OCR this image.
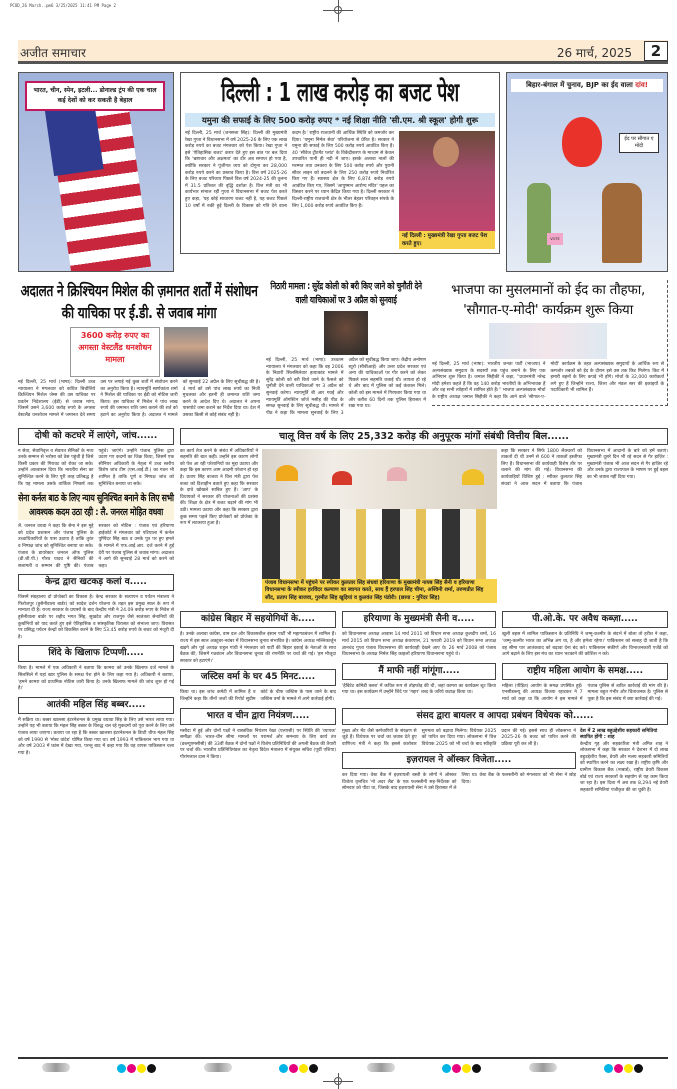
PCOD_26 March..pm6 3/25/2025 11:41 PM Page 2
अजीत समाचार	26 मार्च, 2025	2
भारत, चीन, स्पेन, इटली... डोनाल्ड ट्रंप की एक चाल कई देशों को कर सकती है बेहाल	दिल्ली : 1 लाख करोड़ का बजट पेश
यमुना की सफाई के लिए 500 करोड़ रुपए * नई शिक्षा नीति 'सी.एम. श्री स्कूल' होगी शुरू
नई दिल्ली, 25 मार्च (जनसत्ता सिंह): दिल्ली की मुख्यमंत्री रेखा गुप्ता ने विधानसभा में वर्ष 2025-26 के लिए एक लाख करोड़ रुपये का बजट मंगलवार को पेश किया। रेखा गुप्ता ने इसे 'ऐतिहासिक बजट' करार देते हुए इस बात पर बल दिया कि 'भ्रष्टाचार और अक्षमता' का दौर अब समाप्त हो गया है, क्योंकि सरकार ने पूंजीगत व्यय को दोगुना कर 28,000 करोड़ रुपये करने का प्रस्ताव किया है। वित्त वर्ष 2025-26 के लिए बजट परिव्यय पिछले वित्त वर्ष 2024-25 की तुलना में 31.5 प्रतिशत की वृद्धि दर्शाता है। वित्त मंत्री का भी कार्यभार संभाल रहीं गुप्ता ने विधानसभा में बजट पेश करते हुए कहा, 'यह कोई साधारण बजट नहीं है, यह बजट पिछले 10 वर्षों में रुकी हुई दिल्ली के विकास को गति देने वाला कदम है।' राष्ट्रीय राजधानी की आर्थिक स्थिति को कमजोर कर दिया। 'यमुना निर्मल सेवा' परियोजना से प्रेरित है। सरकार ने यमुना की सफाई के लिए 500 करोड़ रुपये आवंटित किए हैं। 40 'सीवेज ट्रीटमेंट प्लांट' के विकेंद्रीकरण के माध्यम से केवल उपचारित पानी ही नदी में जाए। इसके अलावा नालों की मरम्मत तथा उनकाय के लिए 500 करोड़ रुपये और पुरानी सीवर लाइन को बदलने के लिए 250 करोड़ रुपये निर्धारित किए गए हैं। स्वास्थ्य क्षेत्र के लिए 6,874 करोड़ रुपये आवंटित किए गए, जिसमें 'आयुष्मान आरोग्य मंदिर' पहल का विस्तार करने पर ध्यान केंद्रित किया गया है। दिल्ली सरकार ने दिल्ली-राष्ट्रीय राजधानी क्षेत्र के भीतर बेहतर परिवहन संपर्क के लिए 1,000 करोड़ रुपये आवंटित किए हैं।
नई दिल्ली : मुख्यमंत्री रेखा गुप्ता बजट पेश करते हुए।
बिहार-बंगाल में चुनाव, BJP का ईद वाला दांव!
ईद पर सौगात ए मोदी
VOTE
अदालत ने क्रिश्चियन मिशेल की ज़मानत शर्तों में संशोधन की याचिका पर ई.डी. से जवाब मांगा
3600 करोड़ रुपए का अगस्ता वेस्टलैंड धनशोधन मामला
नई दिल्ली, 25 मार्च (भाषा): दिल्ली उच्च न्यायालय ने मंगलवार को कथित बिचौलिये क्रिश्चियन मिशेल जेम्स की उस याचिका पर प्रवर्तन निदेशालय (ईडी) से जवाब मांगा, जिसमें उसने 3,600 करोड़ रुपये के अगस्ता वेस्टलैंड धनशोधन मामले में जमानत देते समय उस पर लगाई गई कुछ शर्तों में संशोधन करने का अनुरोध किया है। न्यायमूर्ति स्वर्णकांता शर्मा ने मिशेल की याचिका पर ईडी को नोटिस जारी किया। इस याचिका में मिशेल ने पांच लाख रुपये की जमानत राशि जमा कराने की शर्त को हटाने का अनुरोध किया है। अदालत ने मामले को सुनवाई 22 अप्रैल के लिए सूचीबद्ध की है। 4 मार्च को उसे पांच लाख रुपये का निजी मुचलका और इतनी ही जमानत राशि जमा करने के आदेश दिए थे। अदालत ने अपना पासपोर्ट जमा कराने का निर्देश दिया था। देश में उसका किसी से कोई संबंध नहीं है।
निठारी मामला : सुरेंद्र कोली को बरी किए जाने को चुनौती देने वाली याचिकाओं पर 3 अप्रैल को सुनवाई
नई दिल्ली, 25 मार्च (भाषा): उच्चतम न्यायालय ने मंगलवार को कहा कि वह 2006 के निठारी सिलसिलेवार हत्याकांड मामले में सुरेंद्र कोली को बरी किये जाने के फैसले को चुनौती देने वाली याचिकाओं पर 3 अप्रैल को सुनवाई करेगा। न्यायमूर्ति बी आर गवई और न्यायमूर्ति ऑगस्टिन जॉर्ज मसीह की पीठ के समक्ष सुनवाई के लिए सूचीबद्ध थी। मामले में पीठ ने कहा कि मामला सुनवाई के लिए 3 अप्रैल को सूचीबद्ध किया जाए। केंद्रीय अन्वेषण ब्यूरो (सीबीआई) और उत्तर प्रदेश सरकार एवं अन्य की याचिकाओं पर गौर करने को लेकर पिछले साल सहमति जताई थी। लापता हो रहे थे और बाद में पुलिस को कई कंकाल मिले। कोली को इस मामले में गिरफ्तार किया गया था और करीब 60 दिनों तक पुलिस हिरासत में रखा गया था।
भाजपा का मुसलमानों को ईद का तौहफा, 'सौगात-ए-मोदी' कार्यक्रम शुरू किया
नई दिल्ली, 25 मार्च (भाषा): भारतीय जनता पार्टी (भाजपा) ने अल्पसंख्यक समुदाय के सदस्यों तक पहुंच बनाने के लिए एक अभियान शुरू किया है। जमाल सिद्दीकी ने कहा, ''प्रधानमंत्री नरेन्द्र मोदी हमेशा कहते हैं कि वह 140 करोड़ भारतीयों के अभिभावक हैं और वह सभी त्योहारों में शामिल होते हैं।'' भाजपा अल्पसंख्यक मोर्चा के राष्ट्रीय अध्यक्ष जमाल सिद्दीकी ने कहा कि आने वाले 'सौगात-ए-मोदी' कार्यक्रम के तहत अल्पसंख्यक समुदायों के आर्थिक रूप से कमजोर तबकों को ईद के दौरान इसे उस तक किट मिलेगा। किट में हमारी बहनों के लिए कपड़े भी होंगे। मोर्चा के 32,000 कार्यकर्ता लगे हुए हैं जिन्होंने राज्य, जिला और मंडल स्तर की इकाइयों के पदाधिकारी भी शामिल हैं।
दोषी को कटघरे में लाएंगे, जांच......
न सेवा, सेवानिवृत्त व सेवारत सैनिकों के मध्य उनके सम्मान से भरोसा को ठेस पहुंची है जिसे किसी प्रकार की गिरावट को रोका जा सके। उन्होंने आश्वासन दिया कि भारतीय सेना का सुनिश्चित करने के लिए पूरी तरह प्रतिबद्ध है कि यह मामला उसके तार्किक निष्कर्ष तक पहुंचे। जाएंगे। उन्होंने पंजाब पुलिस द्वारा उठाए गए कदमों का जिक्र किया, जिसमें एक सीनियर अधिकारी के नेतृत्व में उच्च स्तरीय विशेष जांच टीम (एस.आई.टी.) का गठन भी शामिल है ताकि पूर्ण व निष्पक्ष जांच को सुनिश्चित बनाया जा सके।
सेना कर्नल बाठ के लिए न्याय सुनिश्चित बनाने के लिए सभी आवश्यक कदम उठा रही : लै. जनरल मोहित वधवा
लै. जनरल वधवा ने कहा कि सेना ने इस मुद्दे को प्रदेश प्रशासन और पंजाब पुलिस के उच्चाधिकारियों के पास उठाया है ताकि तुरंत व निष्पक्ष जांच को सुनिश्चित बनाया जा सके। पंजाब के डायरेक्टर जनरल ऑफ पुलिस (डी.जी.पी.) गौरव यादव ने सैनिकों की सलामती व सम्मान की पुष्टि की। पंजाब सरकार को नोटिस : पंजाब एवं हरियाणा हाईकोर्ट ने मंगलवार को पटियाला में कर्नल पुष्पिंदर सिंह बाठ व उनके पुत्र पर हुए हमले के मामले में एफ.आई.आर. दर्ज करने में हुई देरी पर पंजाब पुलिस से जवाब मांगा। अदालत ने आगे की सुनवाई 28 मार्च को करने को कहा।
केन्द्र द्वारा खटकड़ कलां व.....
जिसमें संग्रहालय दो प्रोजेक्टों का विकास है। केन्द्र सरकार के सत्यापन व पर्यटन मंत्रालय ने फिरोजपुर (हुसैनीवाला बार्डर) को स्वदेश दर्शन योजना के तहत इस प्रमुख स्थल के रूप में मान्यता दी है। राज्य सरकार के प्रयासों के बाद केन्द्रीय मंत्री ने 24.09 करोड़ रुपए के निवेश से हुसैनीवाला बार्डर पर शहीद भगत सिंह, सुखदेव और राजगुरु जैसे स्वतंत्रता सेनानियों की कुर्बानियों को याद करते हुए इसे ऐतिहासिक व सांस्कृतिक विरासत को संभाला जाए। विरासत पर प्रसिद्ध पर्यटन केन्द्रों को विकसित करने के लिए 53.45 करोड़ रुपये के बजट को मंजूरी दी है।
शिंदे के खिलाफ टिप्पणी.....
किया है। मामले में एक अधिकारी ने बताया कि कामरा को उनके खिलाफ दर्ज मामले के सिलसिले में यहां खार पुलिस के समक्ष पेश होने के लिए कहा गया है। अधिकारी ने बताया, 'हमने कामरा को प्राथमिक नोटिस जारी किया है। उनके खिलाफ मामले की जांच शुरू हो गई है।'
आतंकी महिल सिंह बब्बर.....
मैं सक्रिय था। बब्बर खालसा इंटरनेशनल के प्रमुख वधावा सिंह के लिए उसे भारत लाया गया। उन्होंने यह भी बताया कि मंहल सिंह बब्बर के विरुद्ध चल रहे मुकदमों को पूरा करने के लिए उसे पंजाब लाया जाएगा। बताया जा रहा है कि बब्बर खालसा इंटरनेशनल के डिप्टी चीफ मंहल सिंह को वर्ष 1990 से 'मोस्ट वांटेड' घोषित किया गया था। वर्ष 1993 में पाकिस्तान भाग गया था और वर्ष 2003 में फ्रांस में देखा गया, परन्तु बाद में कहा गया कि वह वापस पाकिस्तान चला गया है।
चालू वित्त वर्ष के लिए 25,332 करोड़ की अनुपूरक मांगों संबंधी वित्तीय बिल......
का कार्य तेज करने के संबंध में अधिकारियों ने सहमति की बात कही। उन्होंने इस कारण लोगों को पेश आ रही परेशानियों का मुद्दा उठाया और कहा कि इस कारण आम आदमी परेशान हो रहा है। प्रताप सिंह बाजवा ने वित्त मंत्री द्वारा पेश बजट को दिशाहीन बताते हुए कहा कि सरकार के दावे खोखले साबित हुए हैं। 'आप' के विधायकों ने सरकार की योजनाओं की प्रशंसा की। शिक्षा के क्षेत्र में बजट बढ़ाने की मांग भी उठी। मामला उठाया और कहा कि सरकार द्वारा कुछ समय पहले किए प्रोजेक्टों को प्रोजेक्ट के रूप में लटकाया हुआ है।
पंजाब विधानसभा में पहुंचने पर स्पीकर कुलतार सिंह संधवां हरियाणा के मुख्यमंत्री नायब सिंह सैनी व हरियाणा विधानसभा के स्पीकर हरविंदर कल्याण का स्वागत करते, साथ हैं हरपाल सिंह चीमा, अश्विनी शर्मा, तरुणप्रीत सिंह सौंद, प्रताप सिंह बाजवा, गुरमीत सिंह खुड़ियां व कुलवंत सिंह पंडोरी। (छाया : गुरिंदर सिंह)
कहा कि सरकार ने सिर्फ 1800 लैक्चररों को ताकतों दी थी उनमें से 600 ने ताकतों इस्तीफा लिए हैं। विधानसभा की कार्यवाही विशेष तौर पर चलाने की मांग की गई। विधानसभा की कार्यवाहियों विशिष्ट हुई : स्पीकर कुलतार सिंह संधवां ने आज सदन में बताया कि पंजाब विधानसभा में आदानों के बारे को हमें बताएं। मुख्यमंत्री दूसरे दिन भी रहे सदन से गैर हाज़िर : मुख्यमंत्री पंजाब भी आज सदन से गैर हाज़िर रहे और उनके द्वारा राज्यपाल के भाषण पर हुई बहस का भी जवाब नहीं दिया गया।
कांग्रेस बिहार में सहयोगियों के.....
है। उनके अलावा कांग्रेस, वाम दल और विकासशील इंसान पार्टी भी महागठबंधन में शामिल हैं। राज्य में इस साल अक्टूबर-नवंबर में विधानसभा चुनाव संभावित है। कांग्रेस अध्यक्ष मल्लिकार्जुन खड़गे और पूर्व अध्यक्ष राहुल गांधी ने मंगलवार को पार्टी की बिहार इकाई के नेताओं के साथ बैठक की, जिसमें गठबंधन और विधानसभा चुनाव की रणनीति पर चर्चा की गई। 'हम मौजूदा सरकार को हटाएंगे।'
जस्टिस वर्मा के घर 45 मिनट.....
किया था। इस जांच कमेटी में शामिल हैं व जिन्होंने कहा कि तीनों जजों की रिपोर्ट सुप्रीम कोर्ट के चीफ जस्टिस के पास जाने के बाद जस्टिस वर्मा के मामले में आगे कार्रवाई होगी।
भारत व चीन द्वारा नियंत्रण.....
मसौदा में हुई और दोनों पक्षों ने वास्तविक नियंत्रण रेखा (एलएसी) पर स्थिति की 'व्यापक' समीक्षा की। भारत-चीन सीमा मामलों पर परामर्श और समन्वय के लिए कार्य तंत्र (डब्ल्यूएमसीसी) की 33वीं बैठक में दोनों पक्षों ने विशेष प्रतिनिधियों की अगली बैठक की तैयारी पर चर्चा की। भारतीय प्रतिनिधिमंडल का नेतृत्व विदेश मंत्रालय में संयुक्त सचिव (पूर्वी एशिया) गौरांगलाल दास ने किया।
हरियाणा के मुख्यमंत्री सैनी व.....
को विधानसभा अध्यक्ष आवास 14 मार्च 2011 को विधान सभा अध्यक्ष कुलदीप शर्मा, 16 मार्च 2015 को विधान सभा अध्यक्ष कंवरपाल, 21 फरवरी 2019 को विधान सभा अध्यक्ष ज्ञानचंद गुप्ता पंजाब विधानसभा की कार्यवाही देखने आए थे। 26 मार्च 2008 को पंजाब विधानसभा के अध्यक्ष निर्मल सिंह काहलों हरियाणा विधानसभा पहुंचे थे।
मैं माफी नहीं मांगूंगा.....
'हैबिटेट कॉमेडी क्लब' में कथित रूप से तोड़फोड़ की थी, जहां कामरा का कार्यक्रम शूट किया गया था। इस कार्यक्रम में उन्होंने शिंदे पर 'गद्दार' शब्द के जरिये कटाक्ष किया था।
पी.ओ.के. पर अवैध कब्ज़ा.....
खुली बहस में शामिल पाकिस्तान के प्रतिनिधि ने जम्मू-कश्मीर के संदर्भ में बोला तो हरीश ने कहा, 'जम्मू-कश्मीर भारत का अभिन्न अंग था, है और हमेशा रहेगा।' पाकिस्तान को सलाह दी जाती है कि वह सीमा पार आतंकवाद को बढ़ावा देना बंद करे। पाकिस्तान संकीर्ण और विभाजनकारी एजेंडे को आगे बढ़ाने के लिए इस मंच का ध्यान भटकाने की कोशिश न करे।
राष्ट्रीय महिला आयोग के समक्ष.....
महिला (पीड़ित) आयोग के समक्ष उपस्थित हुईं। एनसीडब्ल्यू की अध्यक्ष विजया रहाटकर ने 7 मार्च को कहा था कि आयोग ने इस मामले में पंजाब पुलिस से त्वरित कार्रवाई की मांग की है। मामला बहुत गंभीर और चिंताजनक है। पुलिस से पूछा है कि इस संबंध में क्या कार्रवाई की गई।
संसद द्वारा बायलर व आपदा प्रबंधन विधेयक को......
मुख्य और मेंट जैसे कर्मचारियों के संरक्षण से जुड़े हैं। विधेयक पर चर्चा का जवाब देते हुए वाणिज्य मंत्री ने कहा कि इससे कारोबार सुगमता को बढ़ावा मिलेगा। विधेयक 2025 को पारित कर दिया गया। लोकसभा में वित्त विधेयक 2025 को भी चर्चा के बाद स्वीकृति प्रदान की गई। इससे साथ ही लोकसभा ने 2025-26 के बजट को पारित करने की प्रक्रिया पूरी कर ली है।
इज़रायल ने ऑस्कर विजेता.....
कर दिया गया। वेस्ट बैंक में इज़रायली बस्ती के लोगों ने ऑस्कर विजेता वृत्तचित्र 'नो अदर लैंड' के एक फलस्तीनी सह-निर्देशक को सोमवार को पीटा था, जिसके बाद इज़रायली सेना ने उसे हिरासत में ले लिया था। वेस्ट बैंक के फलस्तीनी को मंगलवार को भी सेना ने छोड़ दिया।
देश में 2 लाख बहुउद्देशीय सहकारी समितियां स्थापित होंगी : शाह
केन्द्रीय गृह और सहकारिता मंत्री अमित शाह ने लोकसभा में कहा कि सरकार ने देशभर में दो लाख बहुउद्देशीय पैक्स, डेयरी और मत्स्य सहकारी समितियों को स्थापित करने का लक्ष्य रखा है। राष्ट्रीय कृषि और ग्रामीण विकास बैंक (नाबार्ड), राष्ट्रीय डेयरी विकास बोर्ड एवं राज्य सरकारों के सहयोग से यह काम किया जा रहा है। इस दिशा में अब तक 8,294 नई डेयरी सहकारी समितियां पंजीकृत की जा चुकी हैं।
